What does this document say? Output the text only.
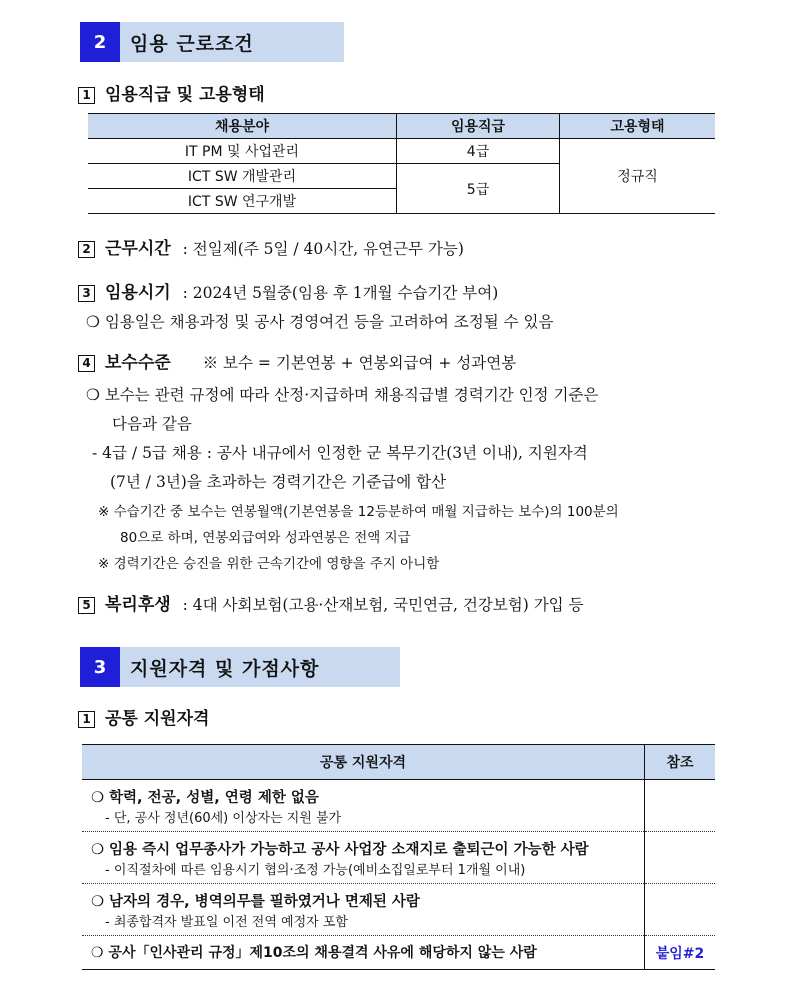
2	임용 근로조건
1 임용직급 및 고용형태
채용분야	임용직급	고용형태
IT PM 및 사업관리	4급	정규직
ICT SW 개발관리	5급	
ICT SW 연구개발		
2 근무시간 : 전일제(주 5일 / 40시간, 유연근무 가능)
3 임용시기 : 2024년 5월중(임용 후 1개월 수습기간 부여)
❍ 임용일은 채용과정 및 공사 경영여건 등을 고려하여 조정될 수 있음
4 보수수준 ※ 보수 = 기본연봉 + 연봉외급여 + 성과연봉
❍ 보수는 관련 규정에 따라 산정·지급하며 채용직급별 경력기간 인정 기준은
다음과 같음
- 4급 / 5급 채용 : 공사 내규에서 인정한 군 복무기간(3년 이내), 지원자격
(7년 / 3년)을 초과하는 경력기간은 기준급에 합산
※ 수습기간 중 보수는 연봉월액(기본연봉을 12등분하여 매월 지급하는 보수)의 100분의
80으로 하며, 연봉외급여와 성과연봉은 전액 지급
※ 경력기간은 승진을 위한 근속기간에 영향을 주지 아니함
5 복리후생 : 4대 사회보험(고용·산재보험, 국민연금, 건강보험) 가입 등
3	지원자격 및 가점사항
1 공통 지원자격
공통 지원자격	참조

❍ 학력, 전공, 성별, 연령 제한 없음
- 단, 공사 정년(60세) 이상자는 지원 불가	

❍ 임용 즉시 업무종사가 가능하고 공사 사업장 소재지로 출퇴근이 가능한 사람
- 이직절차에 따른 임용시기 협의·조정 가능(예비소집일로부터 1개월 이내)	

❍ 남자의 경우, 병역의무를 필하였거나 면제된 사람
- 최종합격자 발표일 이전 전역 예정자 포함	

❍ 공사「인사관리 규정」제10조의 채용결격 사유에 해당하지 않는 사람	붙임#2
